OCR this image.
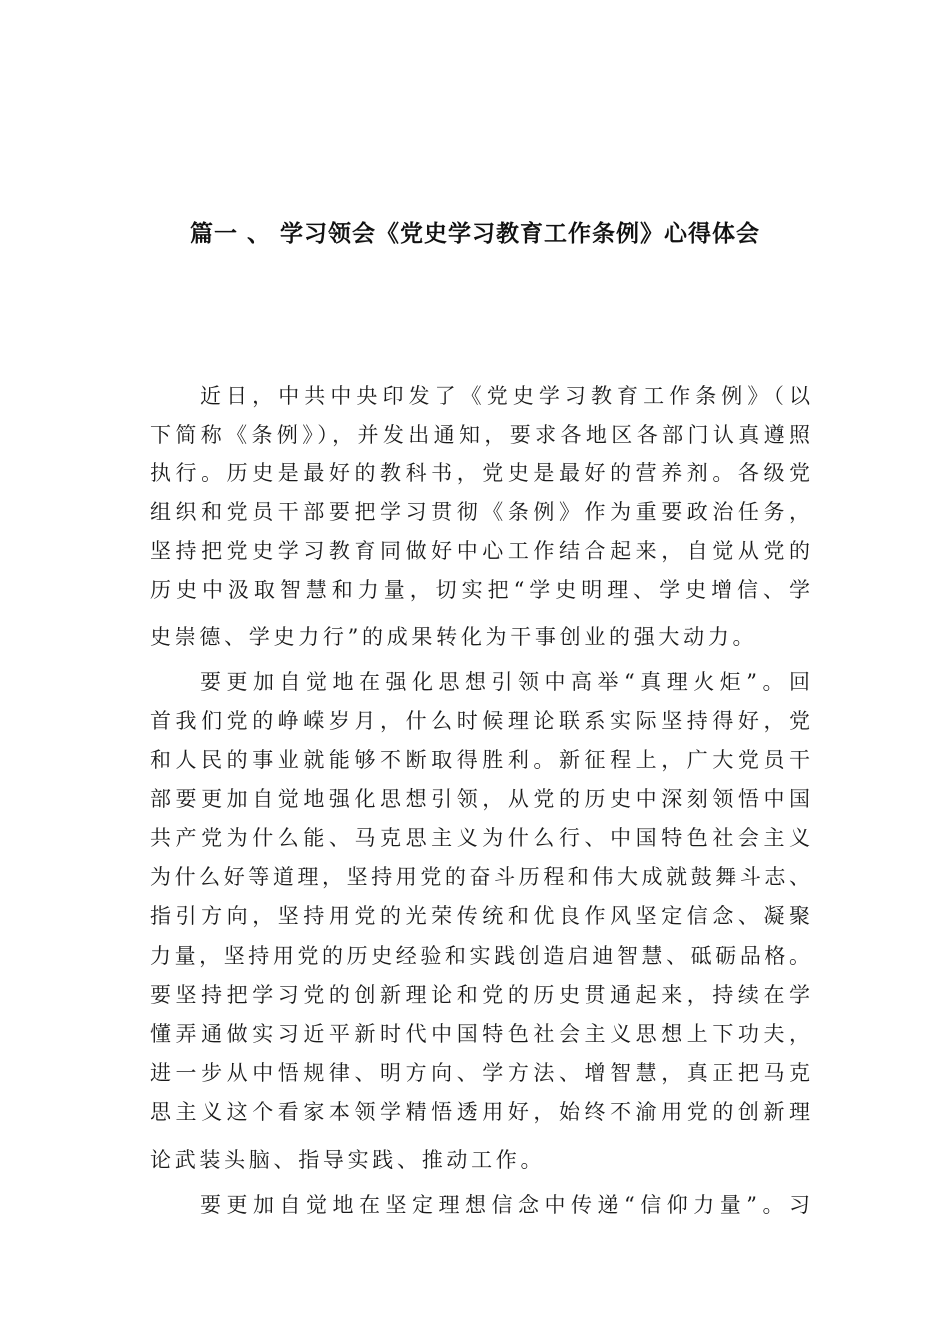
篇一 、 学习领会《党史学习教育工作条例》心得体会
近日，中共中央印发了《党史学习教育工作条例》（以
下简称《条例》），并发出通知，要求各地区各部门认真遵照
执行。历史是最好的教科书，党史是最好的营养剂。各级党
组织和党员干部要把学习贯彻《条例》作为重要政治任务，
坚持把党史学习教育同做好中心工作结合起来，自觉从党的
历史中汲取智慧和力量，切实把“学史明理、学史增信、学
史崇德、学史力行”的成果转化为干事创业的强大动力。
要更加自觉地在强化思想引领中高举“真理火炬”。回
首我们党的峥嵘岁月，什么时候理论联系实际坚持得好，党
和人民的事业就能够不断取得胜利。新征程上，广大党员干
部要更加自觉地强化思想引领，从党的历史中深刻领悟中国
共产党为什么能、马克思主义为什么行、中国特色社会主义
为什么好等道理，坚持用党的奋斗历程和伟大成就鼓舞斗志、
指引方向，坚持用党的光荣传统和优良作风坚定信念、凝聚
力量，坚持用党的历史经验和实践创造启迪智慧、砥砺品格。
要坚持把学习党的创新理论和党的历史贯通起来，持续在学
懂弄通做实习近平新时代中国特色社会主义思想上下功夫，
进一步从中悟规律、明方向、学方法、增智慧，真正把马克
思主义这个看家本领学精悟透用好，始终不渝用党的创新理
论武装头脑、指导实践、推动工作。
要更加自觉地在坚定理想信念中传递“信仰力量”。习
